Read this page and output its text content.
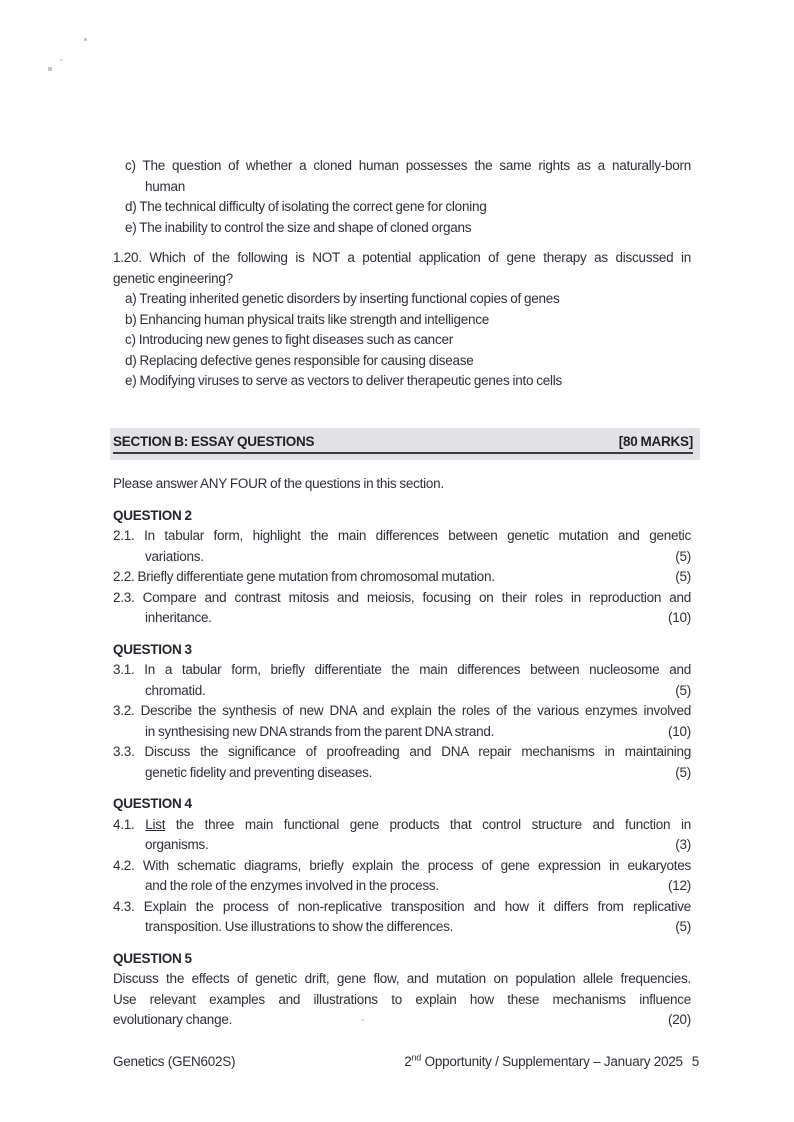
c) The question of whether a cloned human possesses the same rights as a naturally-born
human
d) The technical difficulty of isolating the correct gene for cloning
e) The inability to control the size and shape of cloned organs
1.20. Which of the following is NOT a potential application of gene therapy as discussed in
genetic engineering?
a) Treating inherited genetic disorders by inserting functional copies of genes
b) Enhancing human physical traits like strength and intelligence
c) Introducing new genes to fight diseases such as cancer
d) Replacing defective genes responsible for causing disease
e) Modifying viruses to serve as vectors to deliver therapeutic genes into cells
SECTION B: ESSAY QUESTIONS	[80 MARKS]
Please answer ANY FOUR of the questions in this section.
QUESTION 2
2.1. In tabular form, highlight the main differences between genetic mutation and genetic
variations.	(5)
2.2. Briefly differentiate gene mutation from chromosomal mutation.	(5)
2.3. Compare and contrast mitosis and meiosis, focusing on their roles in reproduction and
inheritance.	(10)
QUESTION 3
3.1. In a tabular form, briefly differentiate the main differences between nucleosome and
chromatid.	(5)
3.2. Describe the synthesis of new DNA and explain the roles of the various enzymes involved
in synthesising new DNA strands from the parent DNA strand.	(10)
3.3. Discuss the significance of proofreading and DNA repair mechanisms in maintaining
genetic fidelity and preventing diseases.	(5)
QUESTION 4
4.1. List the three main functional gene products that control structure and function in
organisms.	(3)
4.2. With schematic diagrams, briefly explain the process of gene expression in eukaryotes
and the role of the enzymes involved in the process.	(12)
4.3. Explain the process of non-replicative transposition and how it differs from replicative
transposition. Use illustrations to show the differences.	(5)
QUESTION 5
Discuss the effects of genetic drift, gene flow, and mutation on population allele frequencies.
Use relevant examples and illustrations to explain how these mechanisms influence
evolutionary change.	(20)
Genetics (GEN602S)	2nd Opportunity / Supplementary – January 2025 5
